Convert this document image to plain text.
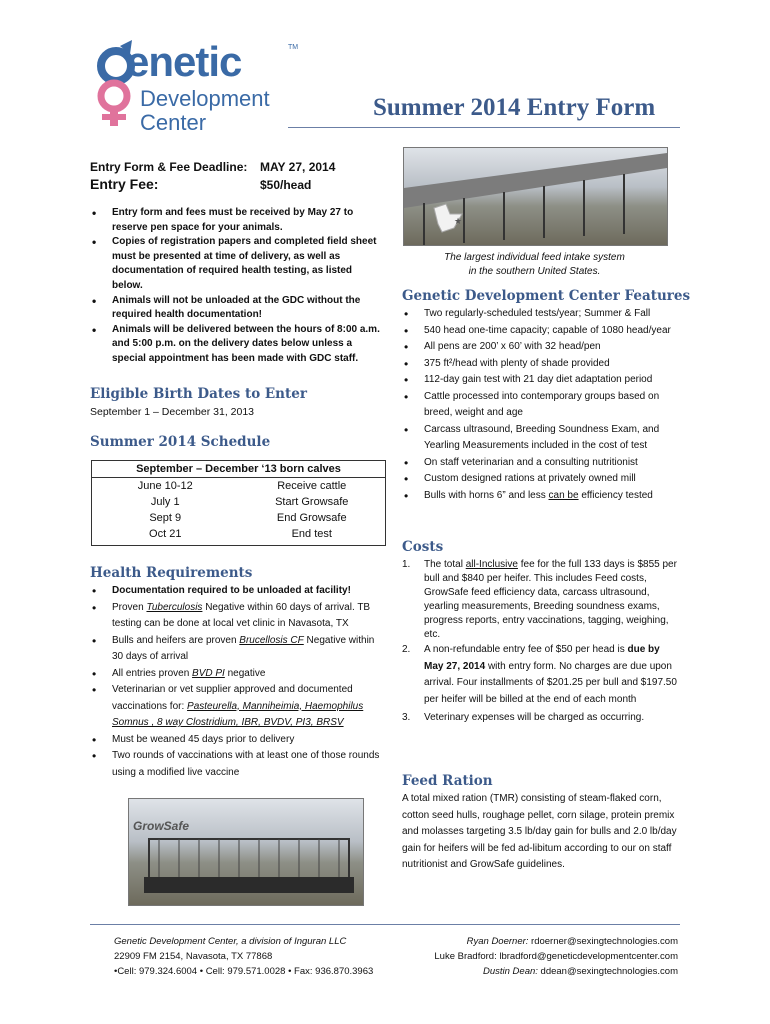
enetic	TM
Development
Center
Summer 2014 Entry Form
Entry Form & Fee Deadline: MAY 27, 2014
Entry Fee:	$50/head
• Entry form and fees must be received by May 27 to reserve pen space for your animals.
• Copies of registration papers and completed field sheet must be presented at time of delivery, as well as documentation of required health testing, as listed below.
• Animals will not be unloaded at the GDC without the required health documentation!
• Animals will be delivered between the hours of 8:00 a.m. and 5:00 p.m. on the delivery dates below unless a special appointment has been made with GDC staff.
Eligible Birth Dates to Enter
September 1 – December 31, 2013
Summer 2014 Schedule
September – December ‘13 born calves	
June 10-12	Receive cattle
July 1	Start Growsafe
Sept 9	End Growsafe
Oct 21	End test
Health Requirements
• Documentation required to be unloaded at facility!
• Proven Tuberculosis Negative within 60 days of arrival. TB testing can be done at local vet clinic in Navasota, TX
• Bulls and heifers are proven Brucellosis CF Negative within 30 days of arrival
• All entries proven BVD PI negative
• Veterinarian or vet supplier approved and documented vaccinations for: Pasteurella, Manniheimia, Haemophilus Somnus , 8 way Clostridium, IBR, BVDV, PI3, BRSV
• Must be weaned 45 days prior to delivery
• Two rounds of vaccinations with at least one of those rounds using a modified live vaccine
GrowSafe
★
The largest individual feed intake system
in the southern United States.
Genetic Development Center Features
• Two regularly-scheduled tests/year; Summer & Fall
• 540 head one-time capacity; capable of 1080 head/year
• All pens are 200’ x 60’ with 32 head/pen
• 375 ft²/head with plenty of shade provided
• 112-day gain test with 21 day diet adaptation period
• Cattle processed into contemporary groups based on breed, weight and age
• Carcass ultrasound, Breeding Soundness Exam, and Yearling Measurements included in the cost of test
• On staff veterinarian and a consulting nutritionist
• Custom designed rations at privately owned mill
• Bulls with horns 6” and less can be efficiency tested
Costs
1. The total all-Inclusive fee for the full 133 days is $855 per bull and $840 per heifer. This includes Feed costs, GrowSafe feed efficiency data, carcass ultrasound, yearling measurements, Breeding soundness exams, progress reports, entry vaccinations, tagging, weighing, etc.
2. A non-refundable entry fee of $50 per head is due by May 27, 2014 with entry form. No charges are due upon arrival. Four installments of $201.25 per bull and $197.50 per heifer will be billed at the end of each month
3. Veterinary expenses will be charged as occurring.
Feed Ration
A total mixed ration (TMR) consisting of steam-flaked corn, cotton seed hulls, roughage pellet, corn silage, protein premix and molasses targeting 3.5 lb/day gain for bulls and 2.0 lb/day gain for heifers will be fed ad-libitum according to our on staff nutritionist and GrowSafe guidelines.
Genetic Development Center, a division of Inguran LLC
22909 FM 2154, Navasota, TX 77868
•Cell: 979.324.6004 • Cell: 979.571.0028 • Fax: 936.870.3963
Ryan Doerner: rdoerner@sexingtechnologies.com
Luke Bradford: lbradford@geneticdevelopmentcenter.com
Dustin Dean: ddean@sexingtechnologies.com
